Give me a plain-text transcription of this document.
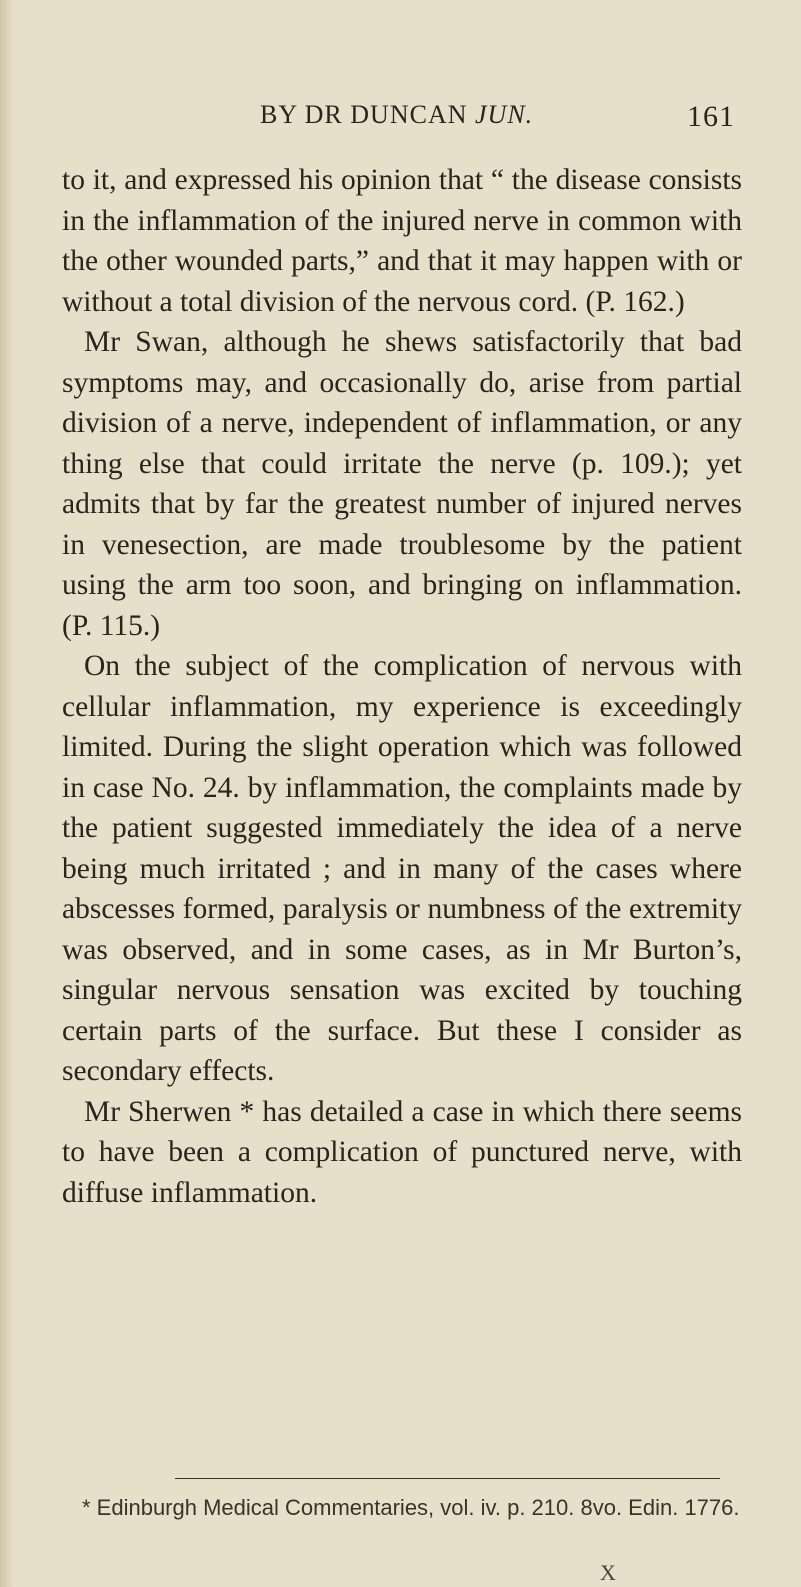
BY DR DUNCAN JUN.	161

to it, and expressed his opinion that “ the disease consists in the inflammation of the injured nerve in common with the other wounded parts,” and that it may happen with or without a total division of the nervous cord. (P. 162.)

Mr Swan, although he shews satisfactorily that bad symptoms may, and occasionally do, arise from partial division of a nerve, independent of inflammation, or any thing else that could irritate the nerve (p. 109.); yet admits that by far the greatest number of injured nerves in venesection, are made troublesome by the patient using the arm too soon, and bringing on inflammation. (P. 115.)

On the subject of the complication of nervous with cellular inflammation, my experience is exceedingly limited. During the slight operation which was followed in case No. 24. by inflammation, the complaints made by the patient suggested immediately the idea of a nerve being much irritated ; and in many of the cases where abscesses formed, paralysis or numbness of the extremity was observed, and in some cases, as in Mr Burton’s, singular nervous sensation was excited by touching certain parts of the surface. But these I consider as secondary effects.

Mr Sherwen * has detailed a case in which there seems to have been a complication of punctured nerve, with diffuse inflammation.

* Edinburgh Medical Commentaries, vol. iv. p. 210. 8vo. Edin. 1776.

X
